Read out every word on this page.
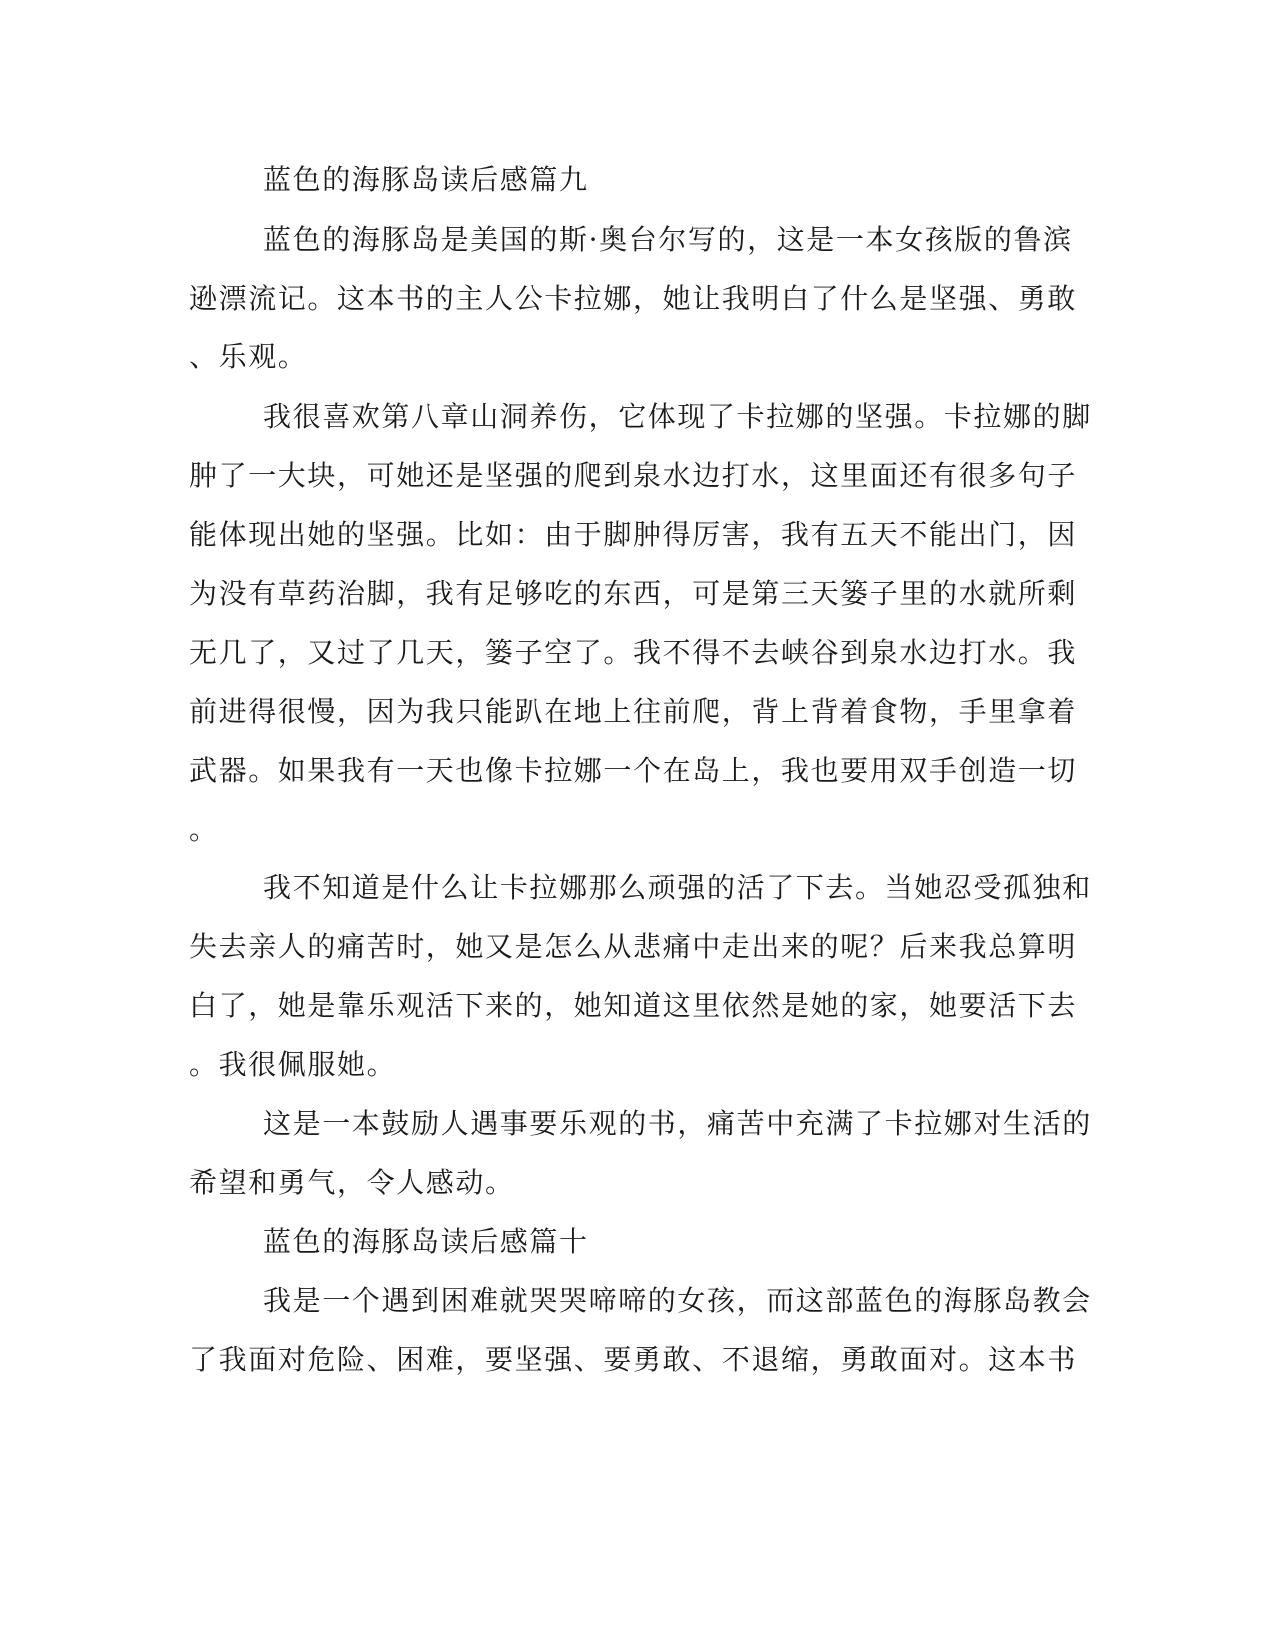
蓝色的海豚岛读后感篇九
蓝色的海豚岛是美国的斯·奥台尔写的，这是一本女孩版的鲁滨
逊漂流记。这本书的主人公卡拉娜，她让我明白了什么是坚强、勇敢
、乐观。
我很喜欢第八章山洞养伤，它体现了卡拉娜的坚强。卡拉娜的脚
肿了一大块，可她还是坚强的爬到泉水边打水，这里面还有很多句子
能体现出她的坚强。比如：由于脚肿得厉害，我有五天不能出门，因
为没有草药治脚，我有足够吃的东西，可是第三天篓子里的水就所剩
无几了，又过了几天，篓子空了。我不得不去峡谷到泉水边打水。我
前进得很慢，因为我只能趴在地上往前爬，背上背着食物，手里拿着
武器。如果我有一天也像卡拉娜一个在岛上，我也要用双手创造一切
。
我不知道是什么让卡拉娜那么顽强的活了下去。当她忍受孤独和
失去亲人的痛苦时，她又是怎么从悲痛中走出来的呢？后来我总算明
白了，她是靠乐观活下来的，她知道这里依然是她的家，她要活下去
。我很佩服她。
这是一本鼓励人遇事要乐观的书，痛苦中充满了卡拉娜对生活的
希望和勇气，令人感动。
蓝色的海豚岛读后感篇十
我是一个遇到困难就哭哭啼啼的女孩，而这部蓝色的海豚岛教会
了我面对危险、困难，要坚强、要勇敢、不退缩，勇敢面对。这本书
